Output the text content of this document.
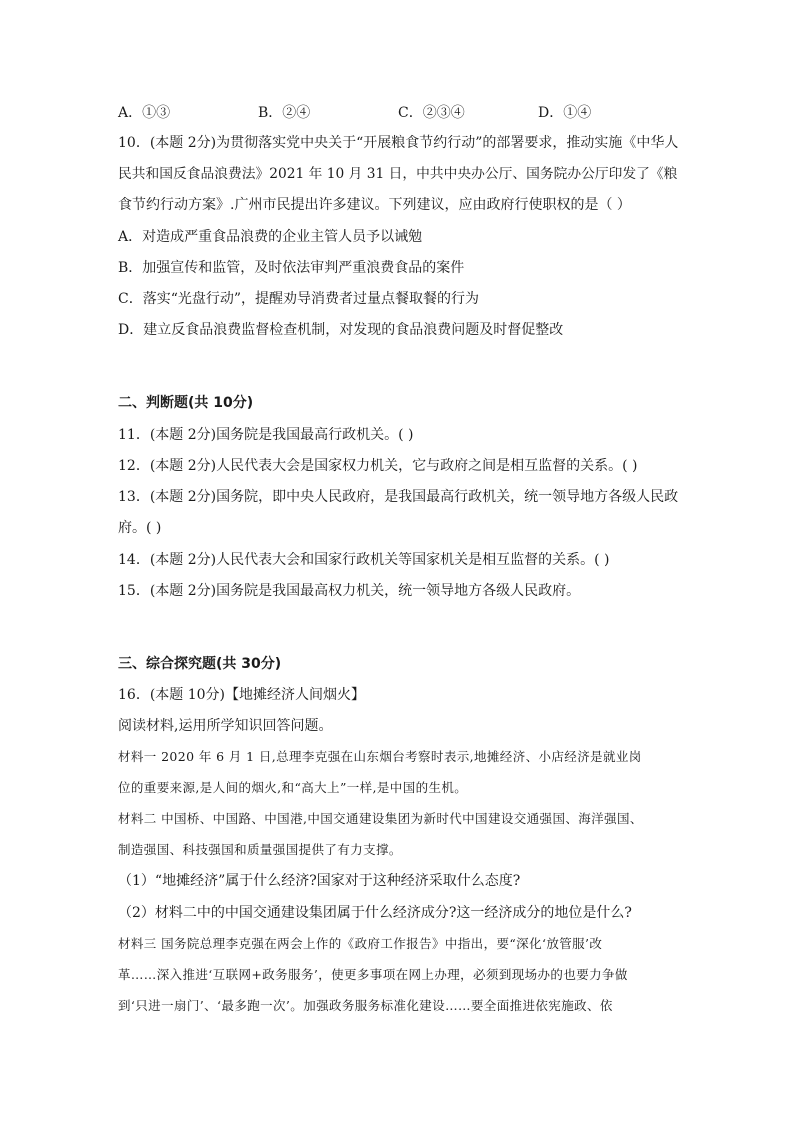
A．①③	B．②④	C．②③④	D．①④
10．(本题 2分)为贯彻落实党中央关于“开展粮食节约行动”的部署要求，推动实施《中华人
民共和国反食品浪费法》2021 年 10 月 31 日，中共中央办公厅、国务院办公厅印发了《粮
食节约行动方案》.广州市民提出许多建议。下列建议，应由政府行使职权的是（ ）
A．对造成严重食品浪费的企业主管人员予以诫勉
B．加强宣传和监管，及时依法审判严重浪费食品的案件
C．落实“光盘行动”，提醒劝导消费者过量点餐取餐的行为
D．建立反食品浪费监督检查机制，对发现的食品浪费问题及时督促整改
二、判断题(共 10分)
11．(本题 2分)国务院是我国最高行政机关。( )
12．(本题 2分)人民代表大会是国家权力机关，它与政府之间是相互监督的关系。( )
13．(本题 2分)国务院，即中央人民政府，是我国最高行政机关，统一领导地方各级人民政
府。( )
14．(本题 2分)人民代表大会和国家行政机关等国家机关是相互监督的关系。( )
15．(本题 2分)国务院是我国最高权力机关，统一领导地方各级人民政府。
三、综合探究题(共 30分)
16．(本题 10分)【地摊经济人间烟火】
阅读材料,运用所学知识回答问题。
材料一 2020 年 6 月 1 日,总理李克强在山东烟台考察时表示,地摊经济、小店经济是就业岗
位的重要来源,是人间的烟火,和“高大上”一样,是中国的生机。
材料二 中国桥、中国路、中国港,中国交通建设集团为新时代中国建设交通强国、海洋强国、
制造强国、科技强国和质量强国提供了有力支撑。
（1）“地摊经济”属于什么经济?国家对于这种经济采取什么态度?
（2）材料二中的中国交通建设集团属于什么经济成分?这一经济成分的地位是什么?
材料三 国务院总理李克强在两会上作的《政府工作报告》中指出，要“深化‘放管服’改
革……深入推进‘互联网+政务服务’，使更多事项在网上办理，必须到现场办的也要力争做
到‘只进一扇门’、‘最多跑一次’。加强政务服务标准化建设……要全面推进依宪施政、依
